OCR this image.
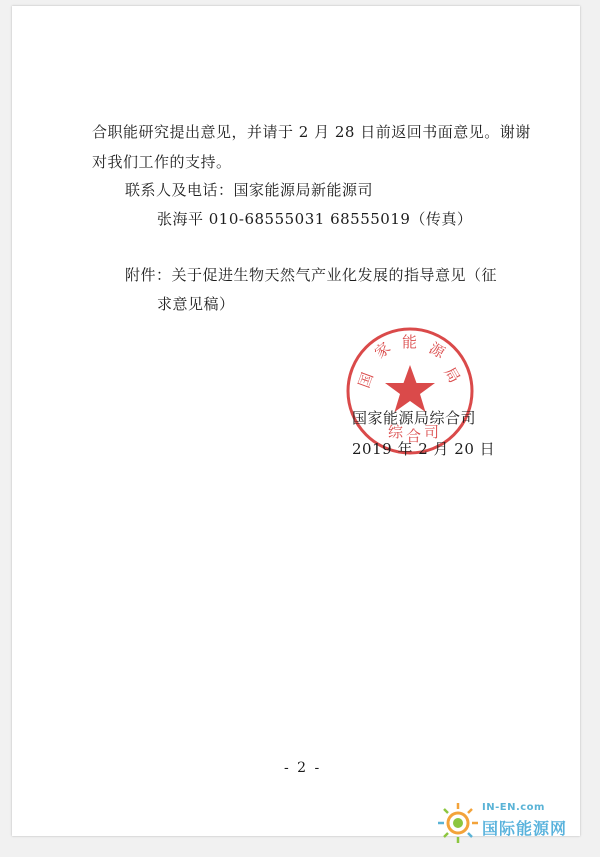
合职能研究提出意见，并请于 2 月 28 日前返回书面意见。谢谢
对我们工作的支持。
联系人及电话：国家能源局新能源司
张海平 010-68555031 68555019（传真）
附件：关于促进生物天然气产业化发展的指导意见（征
求意见稿）
国
家 能 源
局
综 合 司
国家能源局综合司
2019 年 2 月 20 日
- 2 -
IN-EN.com
国际能源网
